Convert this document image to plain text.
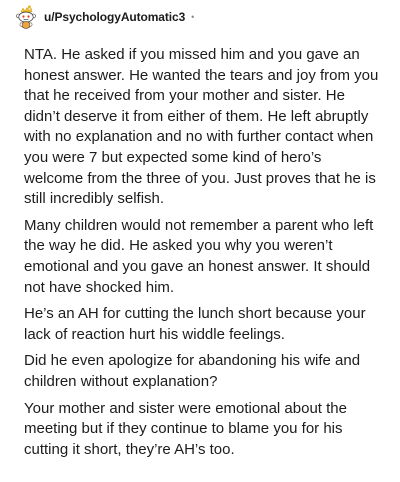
u/PsychologyAutomatic3 •

NTA. He asked if you missed him and you gave an honest answer. He wanted the tears and joy from you that he received from your mother and sister. He didn’t deserve it from either of them. He left abruptly with no explanation and no with further contact when you were 7 but expected some kind of hero’s welcome from the three of you. Just proves that he is still incredibly selfish.

Many children would not remember a parent who left the way he did. He asked you why you weren’t emotional and you gave an honest answer. It should not have shocked him.

He’s an AH for cutting the lunch short because your lack of reaction hurt his widdle feelings.

Did he even apologize for abandoning his wife and children without explanation?

Your mother and sister were emotional about the meeting but if they continue to blame you for his cutting it short, they’re AH’s too.
